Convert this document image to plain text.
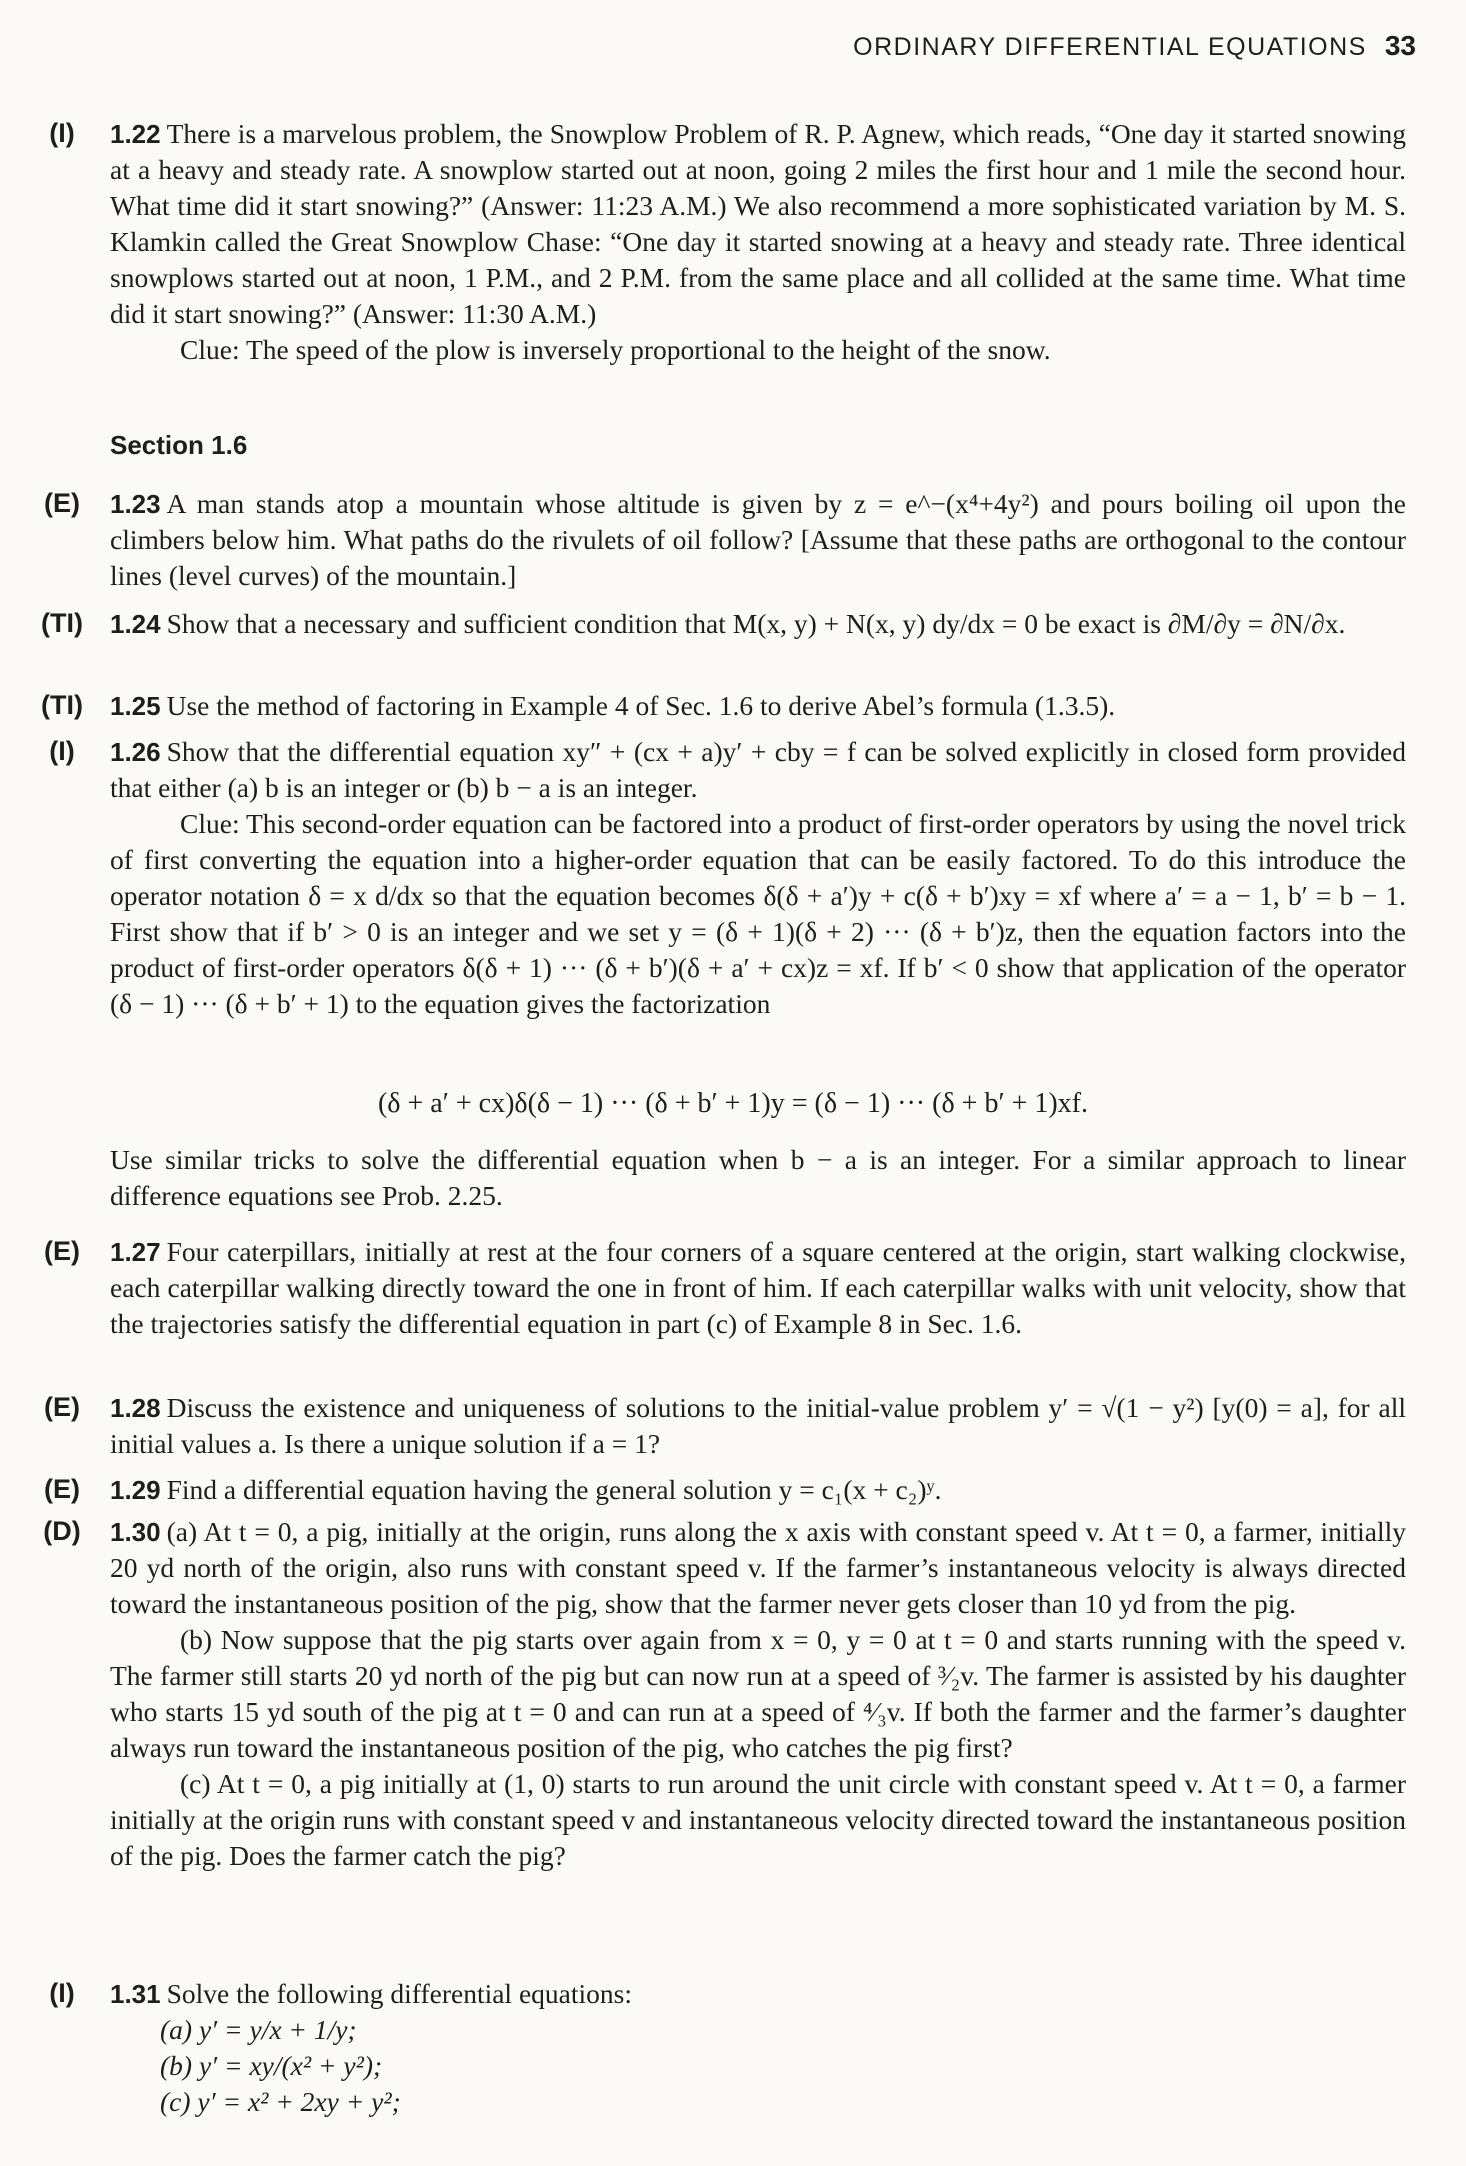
ORDINARY DIFFERENTIAL EQUATIONS 33
(I)	1.22 There is a marvelous problem, the Snowplow Problem of R. P. Agnew, which reads, “One day it started snowing at a heavy and steady rate. A snowplow started out at noon, going 2 miles the first hour and 1 mile the second hour. What time did it start snowing?” (Answer: 11:23 A.M.) We also recommend a more sophisticated variation by M. S. Klamkin called the Great Snowplow Chase: “One day it started snowing at a heavy and steady rate. Three identical snowplows started out at noon, 1 P.M., and 2 P.M. from the same place and all collided at the same time. What time did it start snowing?” (Answer: 11:30 A.M.)

Clue: The speed of the plow is inversely proportional to the height of the snow.

Section 1.6
(E)	1.23 A man stands atop a mountain whose altitude is given by z = e^−(x⁴+4y²) and pours boiling oil upon the climbers below him. What paths do the rivulets of oil follow? [Assume that these paths are orthogonal to the contour lines (level curves) of the mountain.]

(TI)	1.24 Show that a necessary and sufficient condition that M(x, y) + N(x, y) dy/dx = 0 be exact is ∂M/∂y = ∂N/∂x.

(TI)	1.25 Use the method of factoring in Example 4 of Sec. 1.6 to derive Abel’s formula (1.3.5).

(I)	1.26 Show that the differential equation xy″ + (cx + a)y′ + cby = f can be solved explicitly in closed form provided that either (a) b is an integer or (b) b − a is an integer.

Clue: This second-order equation can be factored into a product of first-order operators by using the novel trick of first converting the equation into a higher-order equation that can be easily factored. To do this introduce the operator notation δ = x d/dx so that the equation becomes δ(δ + a′)y + c(δ + b′)xy = xf where a′ = a − 1, b′ = b − 1. First show that if b′ > 0 is an integer and we set y = (δ + 1)(δ + 2) ··· (δ + b′)z, then the equation factors into the product of first-order operators δ(δ + 1) ··· (δ + b′)(δ + a′ + cx)z = xf. If b′ < 0 show that application of the operator (δ − 1) ··· (δ + b′ + 1) to the equation gives the factorization

(δ + a′ + cx)δ(δ − 1) ··· (δ + b′ + 1)y = (δ − 1) ··· (δ + b′ + 1)xf.

Use similar tricks to solve the differential equation when b − a is an integer. For a similar approach to linear difference equations see Prob. 2.25.

(E)	1.27 Four caterpillars, initially at rest at the four corners of a square centered at the origin, start walking clockwise, each caterpillar walking directly toward the one in front of him. If each caterpillar walks with unit velocity, show that the trajectories satisfy the differential equation in part (c) of Example 8 in Sec. 1.6.

(E)	1.28 Discuss the existence and uniqueness of solutions to the initial-value problem y′ = √(1 − y²) [y(0) = a], for all initial values a. Is there a unique solution if a = 1?

(E)	1.29 Find a differential equation having the general solution y = c₁(x + c₂)ʸ.

(D)	1.30 (a) At t = 0, a pig, initially at the origin, runs along the x axis with constant speed v. At t = 0, a farmer, initially 20 yd north of the origin, also runs with constant speed v. If the farmer’s instantaneous velocity is always directed toward the instantaneous position of the pig, show that the farmer never gets closer than 10 yd from the pig.

(b) Now suppose that the pig starts over again from x = 0, y = 0 at t = 0 and starts running with the speed v. The farmer still starts 20 yd north of the pig but can now run at a speed of ³⁄₂v. The farmer is assisted by his daughter who starts 15 yd south of the pig at t = 0 and can run at a speed of ⁴⁄₃v. If both the farmer and the farmer’s daughter always run toward the instantaneous position of the pig, who catches the pig first?

(c) At t = 0, a pig initially at (1, 0) starts to run around the unit circle with constant speed v. At t = 0, a farmer initially at the origin runs with constant speed v and instantaneous velocity directed toward the instantaneous position of the pig. Does the farmer catch the pig?

(I)	1.31 Solve the following differential equations:

(a) y′ = y/x + 1/y;

(b) y′ = xy/(x² + y²);

(c) y′ = x² + 2xy + y²;
